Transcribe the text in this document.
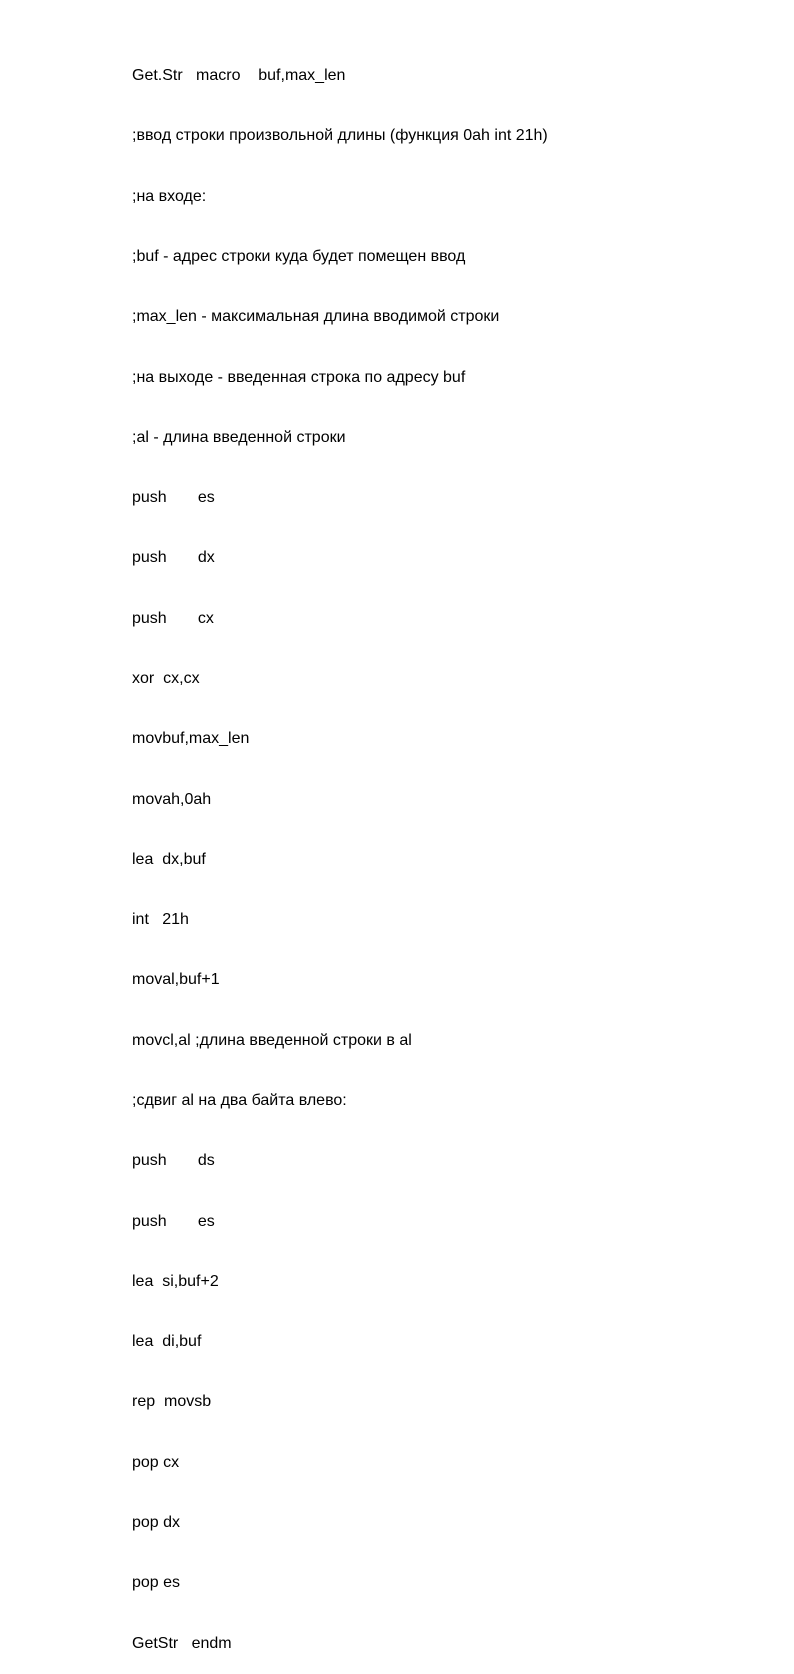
Get.Str   macro    buf,max_len

;ввод строки произвольной длины (функция 0ah int 21h)

;на входе:

;buf - адрес строки куда будет помещен ввод

;max_len - максимальная длина вводимой строки

;на выходе - введенная строка по адресу buf

;al - длина введенной строки

push       es

push       dx

push       cx

xor  cx,cx

movbuf,max_len

movah,0ah

lea  dx,buf

int   21h

moval,buf+1

movcl,al ;длина введенной строки в al

;сдвиг al на два байта влево:

push       ds

push       es

lea  si,buf+2

lea  di,buf

rep  movsb

pop cx

pop dx

pop es

GetStr   endm
